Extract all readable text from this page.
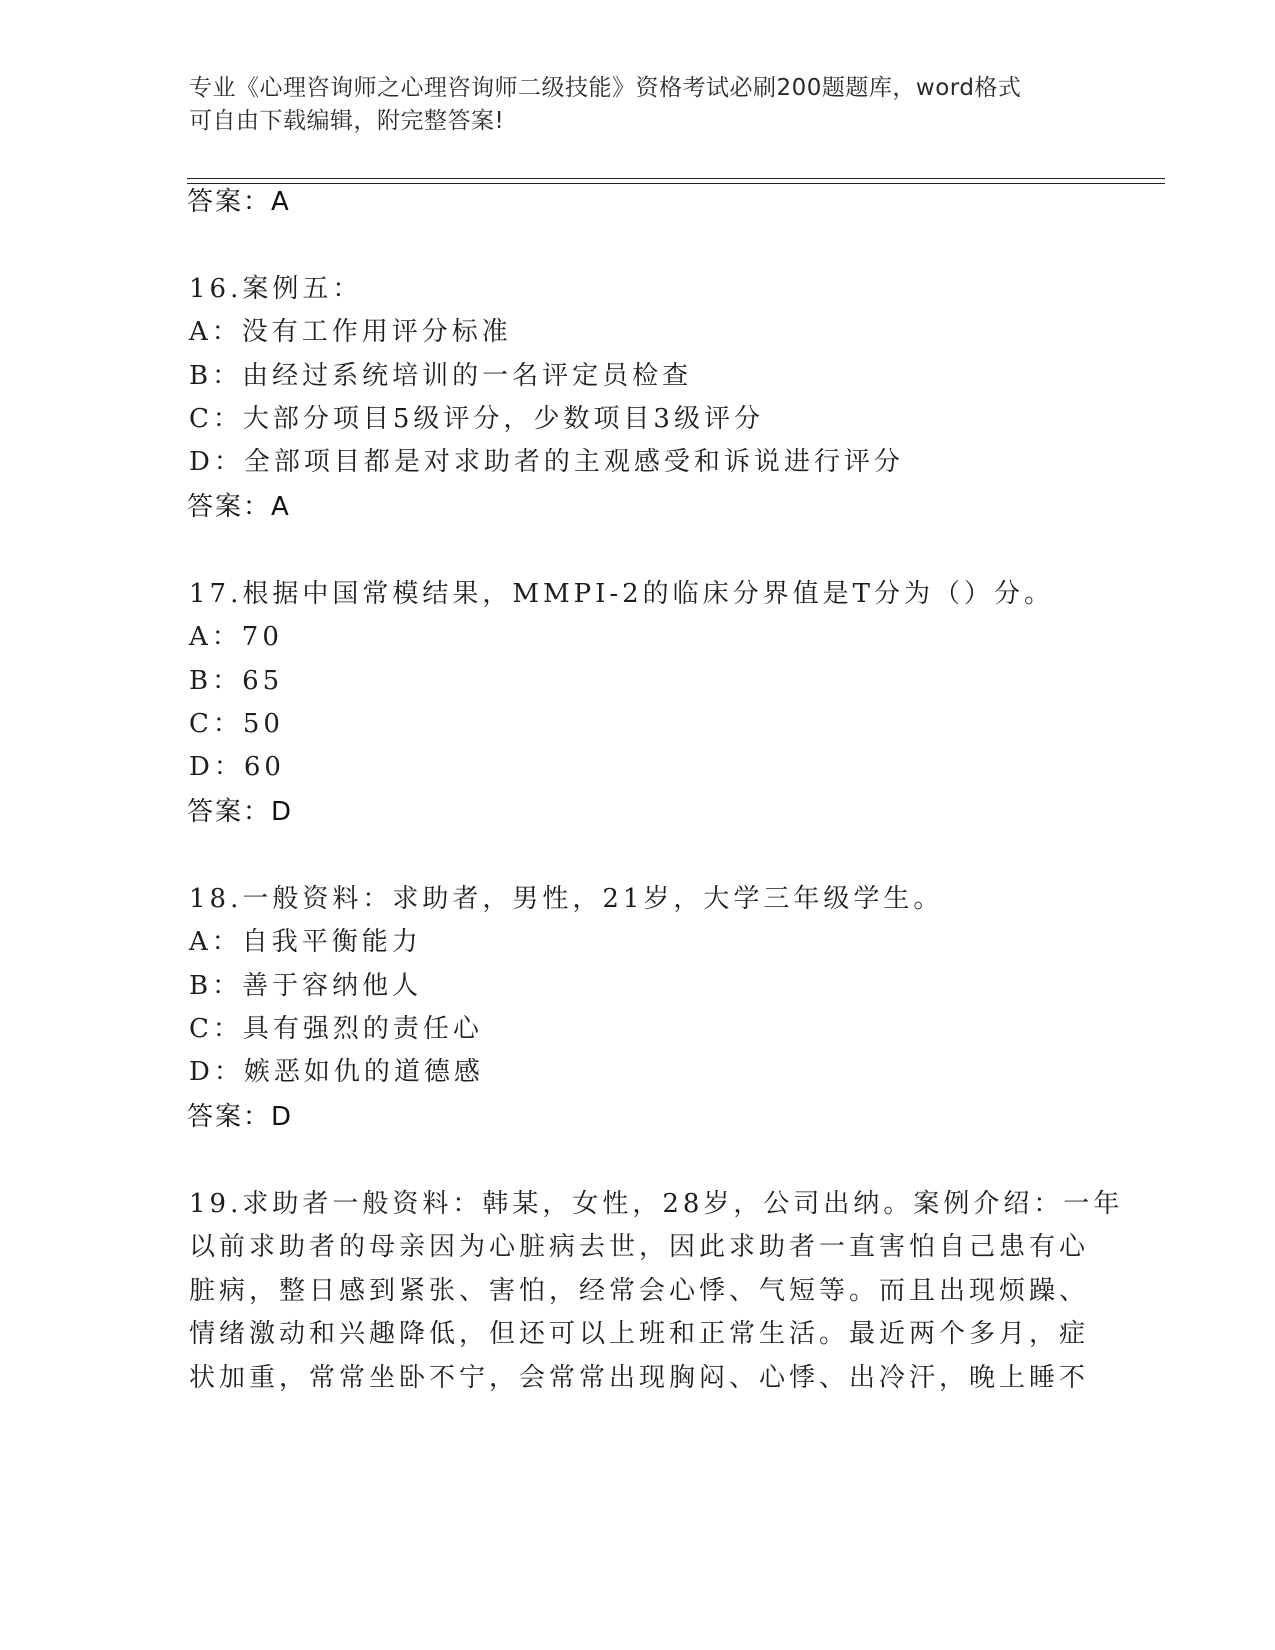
专业《心理咨询师之心理咨询师二级技能》资格考试必刷200题题库，word格式
可自由下载编辑，附完整答案!
答案：A
16.案例五：
A：没有工作用评分标准
B：由经过系统培训的一名评定员检查
C：大部分项目5级评分，少数项目3级评分
D：全部项目都是对求助者的主观感受和诉说进行评分
答案：A
17.根据中国常模结果，MMPI-2的临床分界值是T分为（）分。
A：70
B：65
C：50
D：60
答案：D
18.一般资料：求助者，男性，21岁，大学三年级学生。
A：自我平衡能力
B：善于容纳他人
C：具有强烈的责任心
D：嫉恶如仇的道德感
答案：D
19.求助者一般资料：韩某，女性，28岁，公司出纳。案例介绍：一年
以前求助者的母亲因为心脏病去世，因此求助者一直害怕自己患有心
脏病，整日感到紧张、害怕，经常会心悸、气短等。而且出现烦躁、
情绪激动和兴趣降低，但还可以上班和正常生活。最近两个多月，症
状加重，常常坐卧不宁，会常常出现胸闷、心悸、出冷汗，晚上睡不
